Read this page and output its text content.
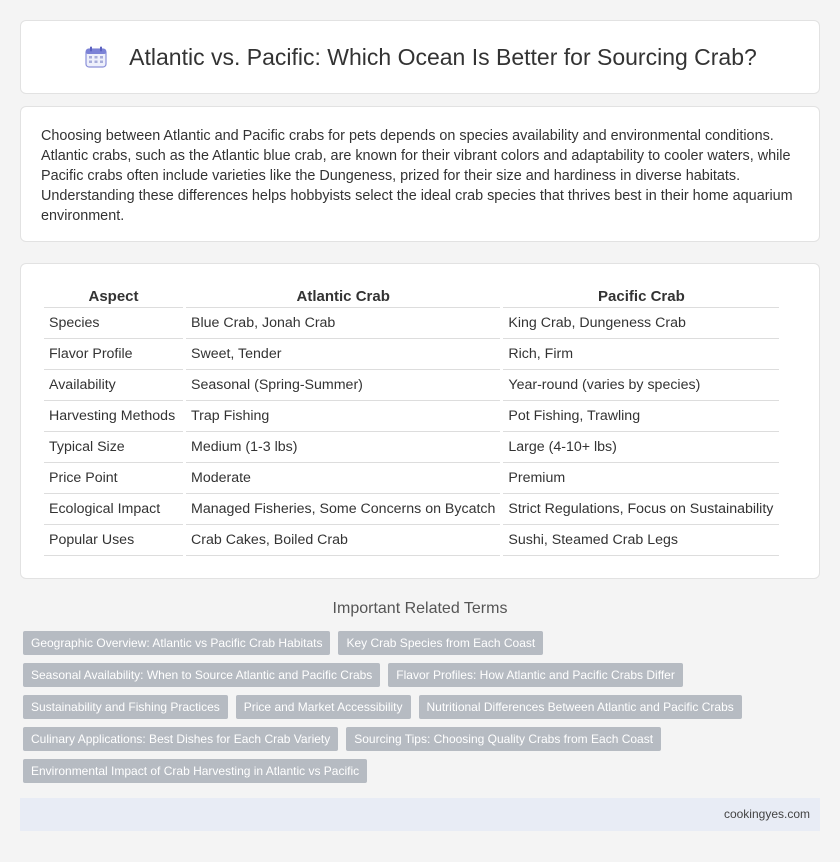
Atlantic vs. Pacific: Which Ocean Is Better for Sourcing Crab?

Choosing between Atlantic and Pacific crabs for pets depends on species availability and environmental conditions. Atlantic crabs, such as the Atlantic blue crab, are known for their vibrant colors and adaptability to cooler waters, while Pacific crabs often include varieties like the Dungeness, prized for their size and hardiness in diverse habitats. Understanding these differences helps hobbyists select the ideal crab species that thrives best in their home aquarium environment.

Aspect	Atlantic Crab	Pacific Crab
Species	Blue Crab, Jonah Crab	King Crab, Dungeness Crab
Flavor Profile	Sweet, Tender	Rich, Firm
Availability	Seasonal (Spring-Summer)	Year-round (varies by species)
Harvesting Methods	Trap Fishing	Pot Fishing, Trawling
Typical Size	Medium (1-3 lbs)	Large (4-10+ lbs)
Price Point	Moderate	Premium
Ecological Impact	Managed Fisheries, Some Concerns on Bycatch	Strict Regulations, Focus on Sustainability
Popular Uses	Crab Cakes, Boiled Crab	Sushi, Steamed Crab Legs
Important Related Terms
Geographic Overview: Atlantic vs Pacific Crab Habitats	Key Crab Species from Each Coast
Seasonal Availability: When to Source Atlantic and Pacific Crabs	Flavor Profiles: How Atlantic and Pacific Crabs Differ
Sustainability and Fishing Practices	Price and Market Accessibility	Nutritional Differences Between Atlantic and Pacific Crabs
Culinary Applications: Best Dishes for Each Crab Variety	Sourcing Tips: Choosing Quality Crabs from Each Coast
Environmental Impact of Crab Harvesting in Atlantic vs Pacific
cookingyes.com
